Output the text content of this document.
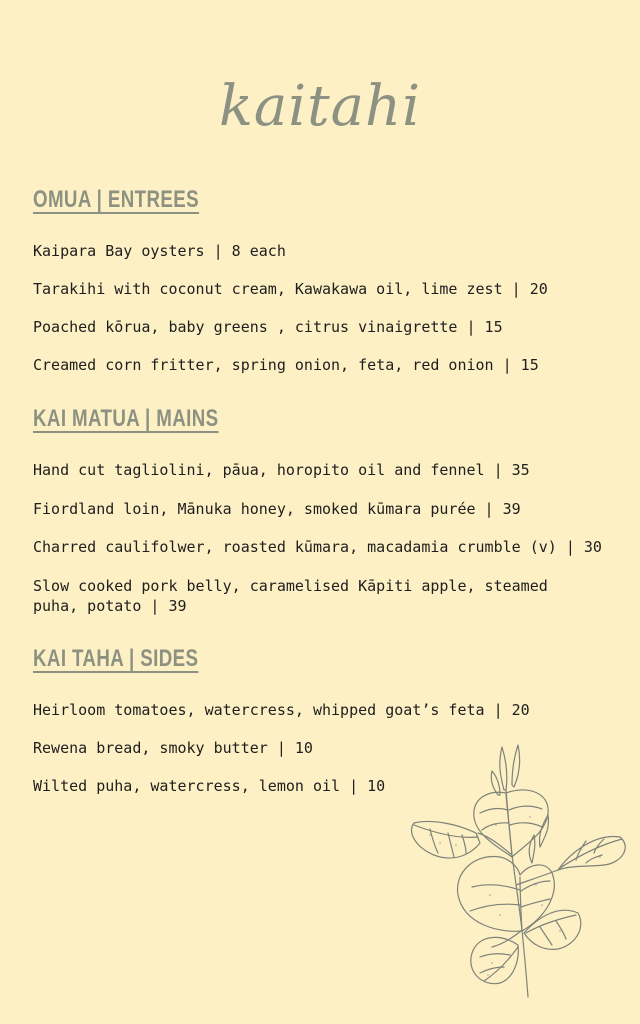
kaitahi
OMUA | ENTREES
Kaipara Bay oysters | 8 each
Tarakihi with coconut cream, Kawakawa oil, lime zest | 20
Poached kōrua, baby greens , citrus vinaigrette | 15
Creamed corn fritter, spring onion, feta, red onion | 15
KAI MATUA | MAINS
Hand cut tagliolini, pāua, horopito oil and fennel | 35
Fiordland loin, Mānuka honey, smoked kūmara purée | 39
Charred caulifolwer, roasted kūmara, macadamia crumble (v) | 30
Slow cooked pork belly, caramelised Kāpiti apple, steamed puha, potato | 39
KAI TAHA | SIDES
Heirloom tomatoes, watercress, whipped goat’s feta | 20
Rewena bread, smoky butter | 10
Wilted puha, watercress, lemon oil | 10
